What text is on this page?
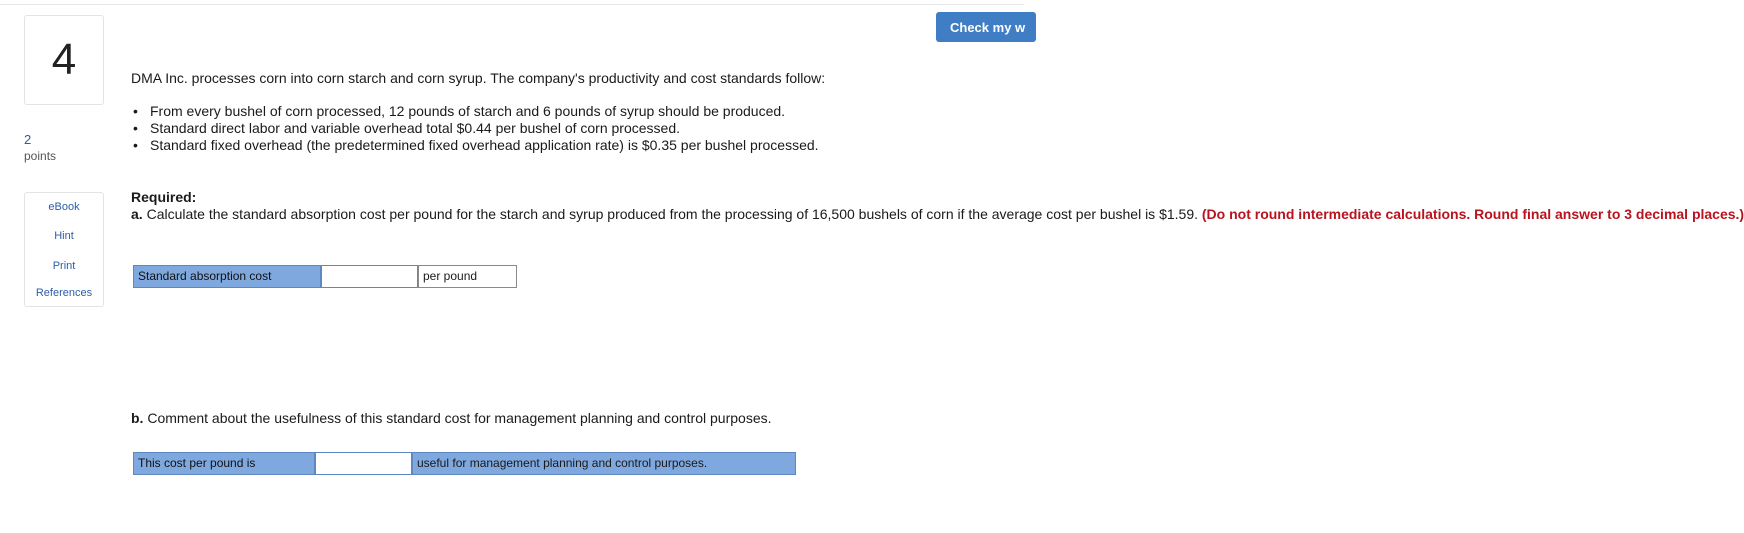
Check my w
4
2
points
eBook
Hint
Print
References

DMA Inc. processes corn into corn starch and corn syrup. The company's productivity and cost standards follow:

• From every bushel of corn processed, 12 pounds of starch and 6 pounds of syrup should be produced.
• Standard direct labor and variable overhead total $0.44 per bushel of corn processed.
• Standard fixed overhead (the predetermined fixed overhead application rate) is $0.35 per bushel processed.

Required:

a. Calculate the standard absorption cost per pound for the starch and syrup produced from the processing of 16,500 bushels of corn if the average cost per bushel is $1.59. (Do not round intermediate calculations. Round final answer to 3 decimal places.)

b. Comment about the usefulness of this standard cost for management planning and control purposes.

Standard absorption cost	per pound
This cost per pound is	useful for management planning and control purposes.
